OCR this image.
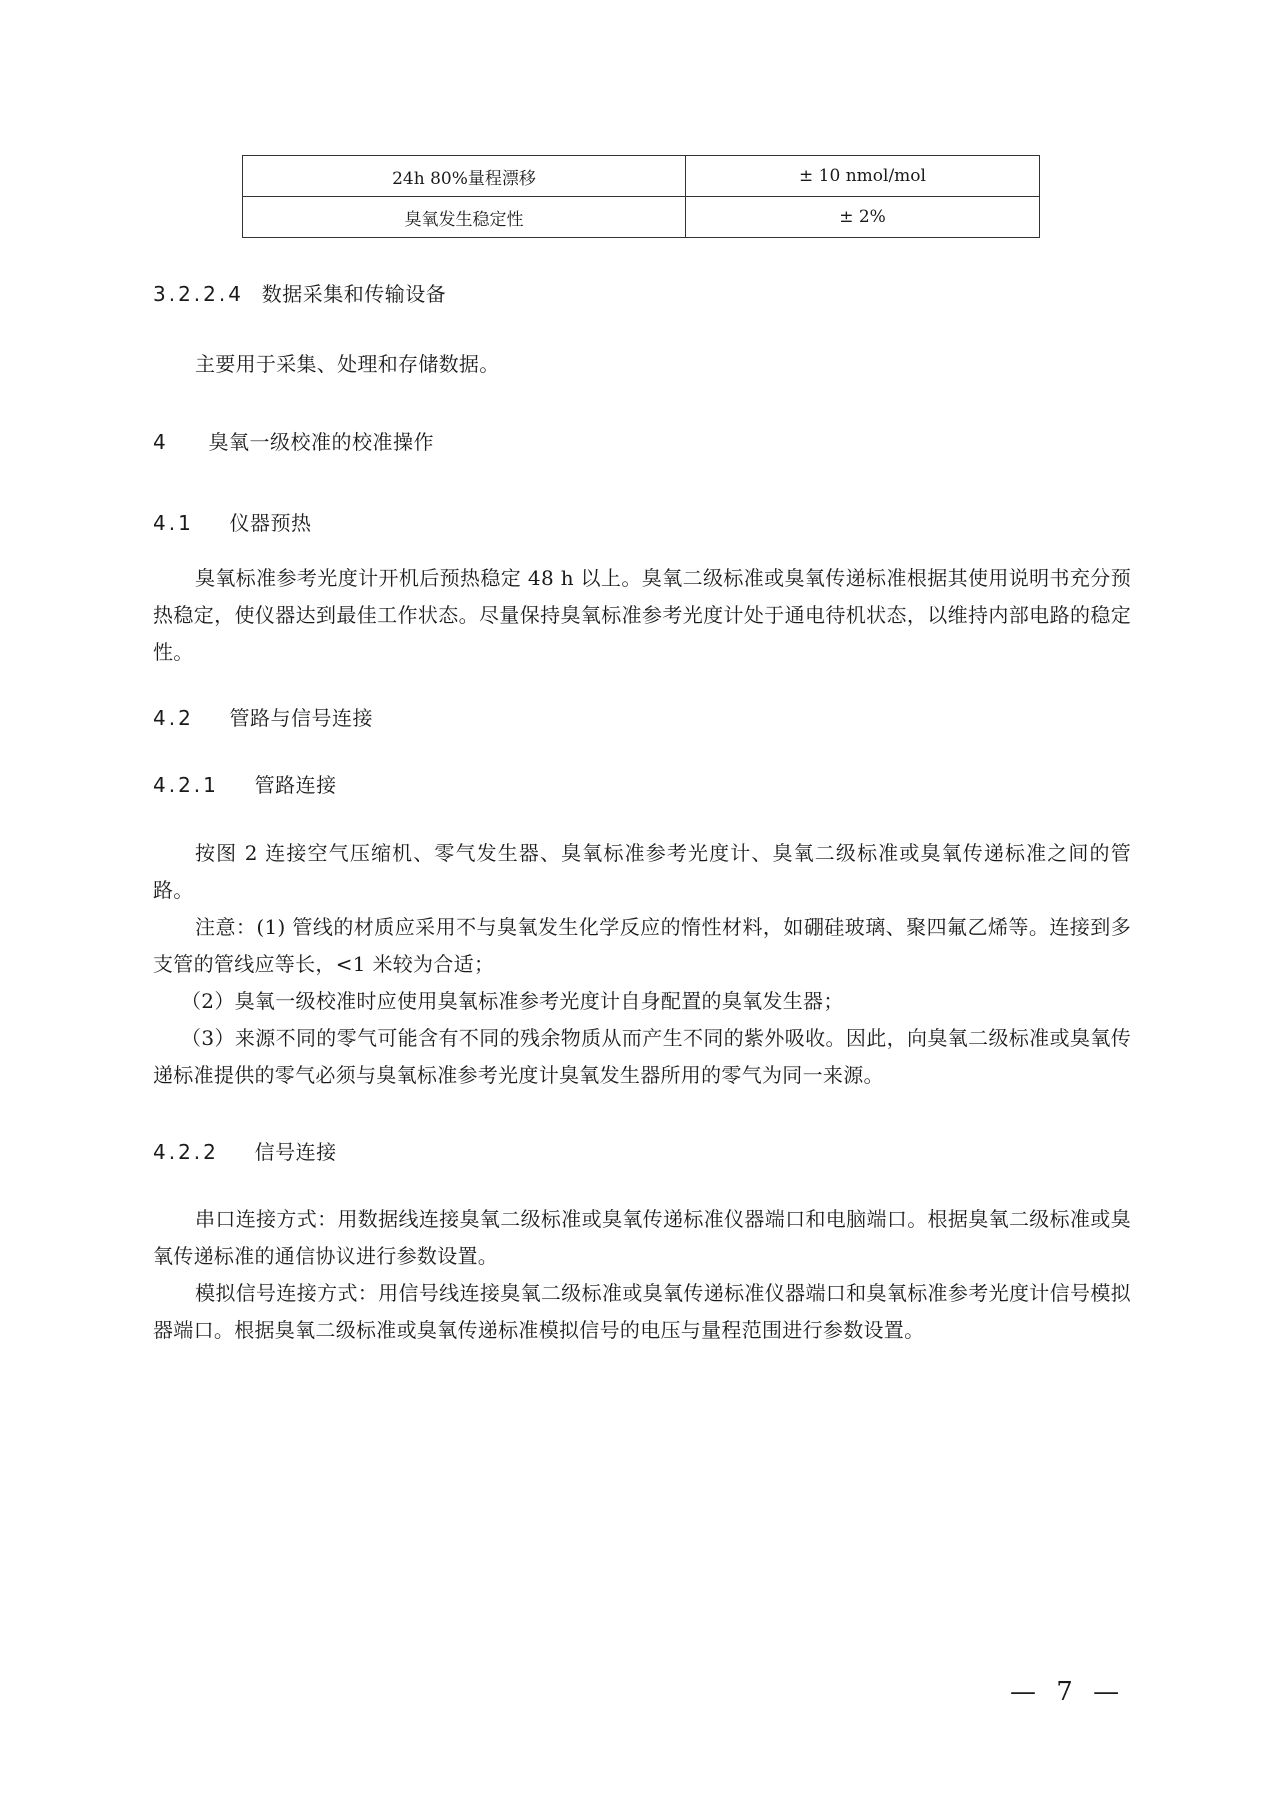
24h 80%量程漂移	± 10 nmol/mol
臭氧发生稳定性	± 2%
3.2.2.4 数据采集和传输设备

主要用于采集、处理和存储数据。

4 臭氧一级校准的校准操作
4.1 仪器预热

臭氧标准参考光度计开机后预热稳定 48 h 以上。臭氧二级标准或臭氧传递标准根据其使用说明书充分预热稳定，使仪器达到最佳工作状态。尽量保持臭氧标准参考光度计处于通电待机状态，以维持内部电路的稳定性。

4.2 管路与信号连接
4.2.1 管路连接

按图 2 连接空气压缩机、零气发生器、臭氧标准参考光度计、臭氧二级标准或臭氧传递标准之间的管路。

注意：(1) 管线的材质应采用不与臭氧发生化学反应的惰性材料，如硼硅玻璃、聚四氟乙烯等。连接到多支管的管线应等长，<1 米较为合适；

（2）臭氧一级校准时应使用臭氧标准参考光度计自身配置的臭氧发生器；

（3）来源不同的零气可能含有不同的残余物质从而产生不同的紫外吸收。因此，向臭氧二级标准或臭氧传递标准提供的零气必须与臭氧标准参考光度计臭氧发生器所用的零气为同一来源。

4.2.2 信号连接

串口连接方式：用数据线连接臭氧二级标准或臭氧传递标准仪器端口和电脑端口。根据臭氧二级标准或臭氧传递标准的通信协议进行参数设置。

模拟信号连接方式：用信号线连接臭氧二级标准或臭氧传递标准仪器端口和臭氧标准参考光度计信号模拟器端口。根据臭氧二级标准或臭氧传递标准模拟信号的电压与量程范围进行参数设置。

— 7 —
